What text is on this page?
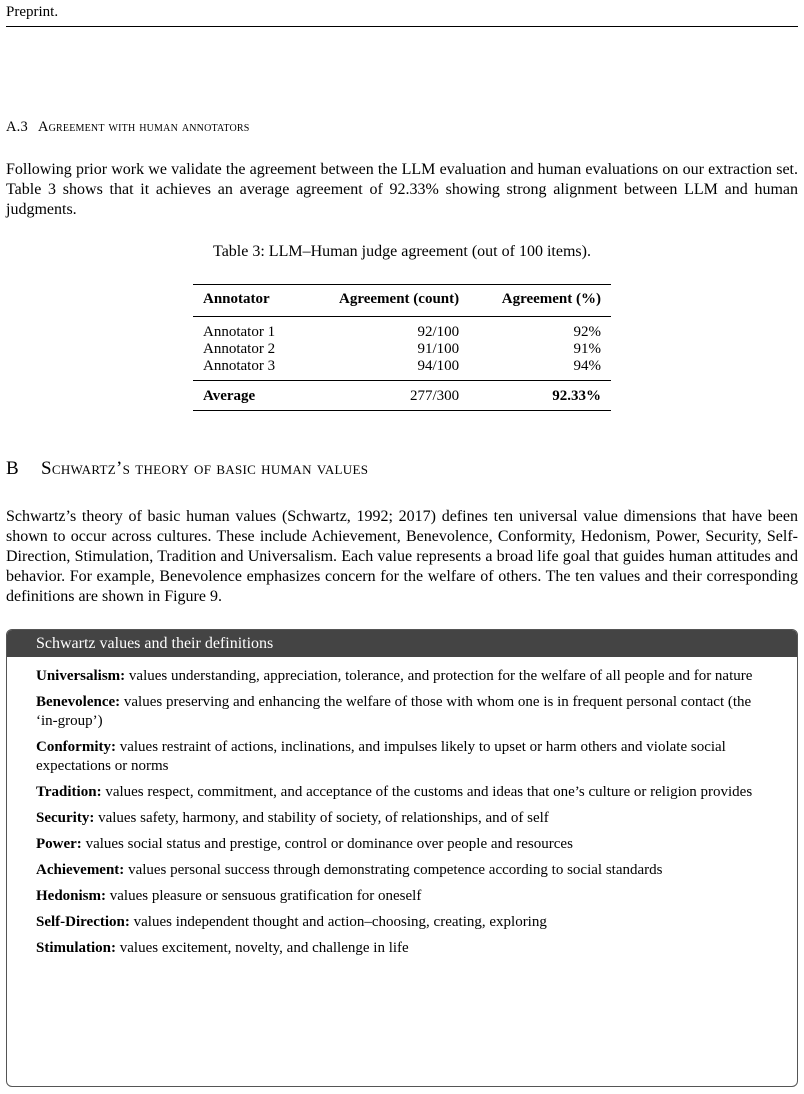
Preprint.
A.3 Agreement with human annotators
Following prior work we validate the agreement between the LLM evaluation and human evaluations on our extraction set. Table 3 shows that it achieves an average agreement of 92.33% showing strong alignment between LLM and human judgments.
Table 3: LLM–Human judge agreement (out of 100 items).
Annotator	Agreement (count)	Agreement (%)
Annotator 1	92/100	92%
Annotator 2	91/100	91%
Annotator 3	94/100	94%
Average	277/300	92.33%
B Schwartz’s theory of basic human values
Schwartz’s theory of basic human values (Schwartz, 1992; 2017) defines ten universal value dimensions that have been shown to occur across cultures. These include Achievement, Benevolence, Conformity, Hedonism, Power, Security, Self-Direction, Stimulation, Tradition and Universalism. Each value represents a broad life goal that guides human attitudes and behavior. For example, Benevolence emphasizes concern for the welfare of others. The ten values and their corresponding definitions are shown in Figure 9.
Schwartz values and their definitions
Universalism: values understanding, appreciation, tolerance, and protection for the welfare of all people and for nature
Benevolence: values preserving and enhancing the welfare of those with whom one is in frequent personal contact (the ‘in-group’)
Conformity: values restraint of actions, inclinations, and impulses likely to upset or harm others and violate social expectations or norms
Tradition: values respect, commitment, and acceptance of the customs and ideas that one’s culture or religion provides
Security: values safety, harmony, and stability of society, of relationships, and of self
Power: values social status and prestige, control or dominance over people and resources
Achievement: values personal success through demonstrating competence according to social standards
Hedonism: values pleasure or sensuous gratification for oneself
Self-Direction: values independent thought and action–choosing, creating, exploring
Stimulation: values excitement, novelty, and challenge in life
